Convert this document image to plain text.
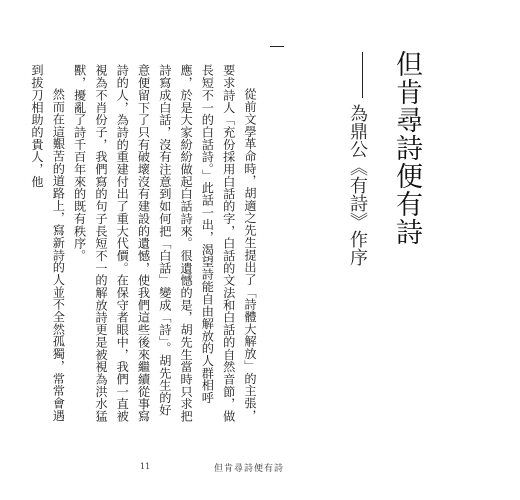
但肯尋詩便有詩
為鼎公《有詩》作序

從前文學革命時，胡適之先生提出了「詩體大解放」的主張，要求詩人「充份採用白話的字，白話的文法和白話的自然音節，做長短不一的白話詩。」此話一出，渴望詩能自由解放的人群相呼應，於是大家紛紛做起白話詩來。很遺憾的是，胡先生當時只求把詩寫成白話，沒有注意到如何把「白話」變成「詩」。胡先生的好意便留下了只有破壞沒有建設的遺憾，使我們這些後來繼續從事寫詩的人，為詩的重建付出了重大代價。在保守者眼中，我們一直被視為不肖份子，我們寫的句子長短不一的解放詩更是被視為洪水猛獸，擾亂了詩千百年來的既有秩序。

然而在這艱苦的道路上，寫新詩的人並不全然孤獨，常常會遇到拔刀相助的貴人，他

11	但肯尋詩便有詩
